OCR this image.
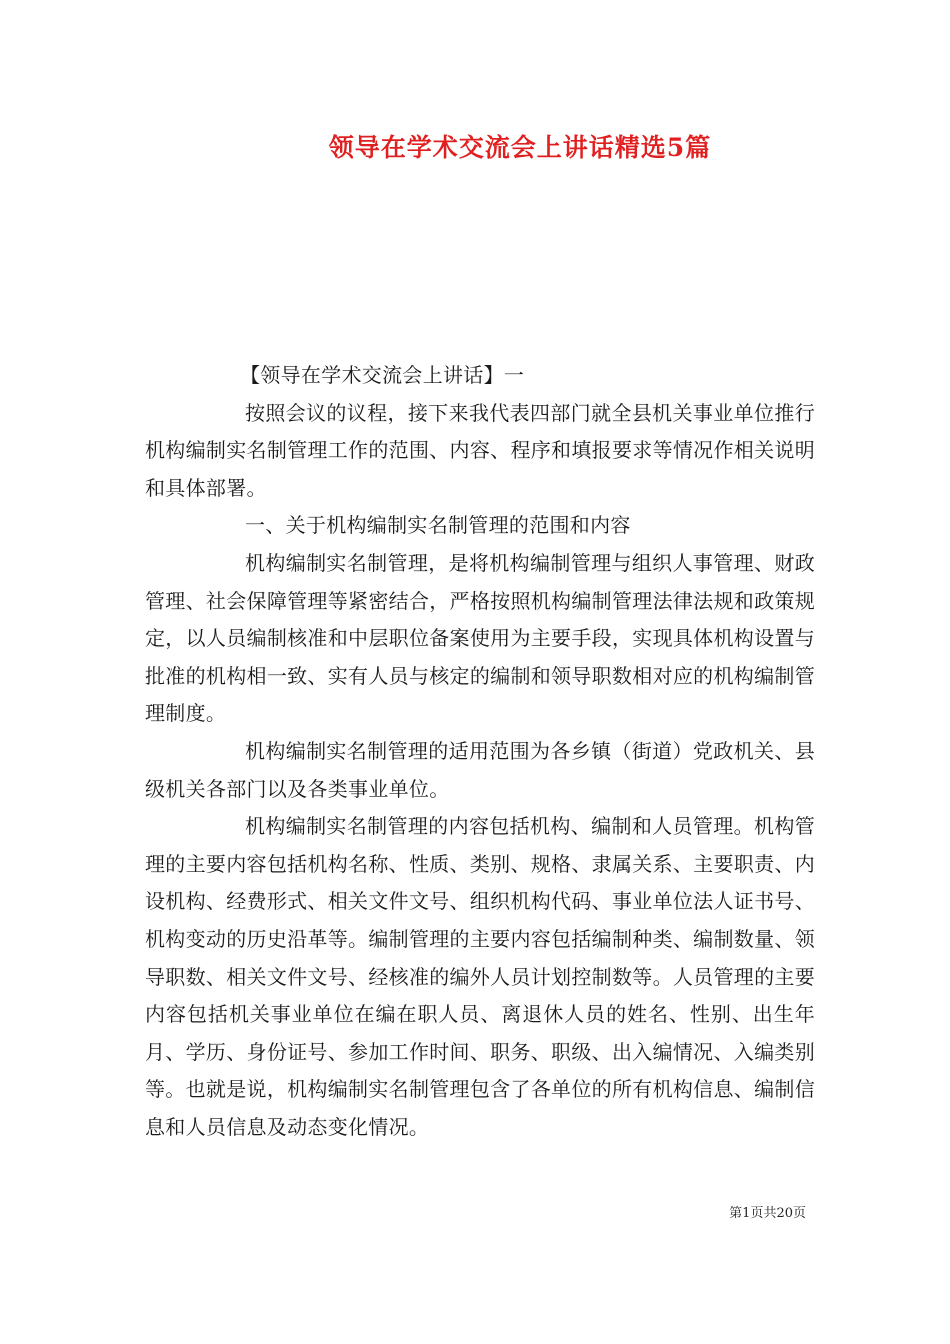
领导在学术交流会上讲话精选5篇

【领导在学术交流会上讲话】一

按照会议的议程，接下来我代表四部门就全县机关事业单位推行机构编制实名制管理工作的范围、内容、程序和填报要求等情况作相关说明和具体部署。

一、关于机构编制实名制管理的范围和内容

机构编制实名制管理，是将机构编制管理与组织人事管理、财政管理、社会保障管理等紧密结合，严格按照机构编制管理法律法规和政策规定，以人员编制核准和中层职位备案使用为主要手段，实现具体机构设置与批准的机构相一致、实有人员与核定的编制和领导职数相对应的机构编制管理制度。

机构编制实名制管理的适用范围为各乡镇（街道）党政机关、县级机关各部门以及各类事业单位。

机构编制实名制管理的内容包括机构、编制和人员管理。机构管理的主要内容包括机构名称、性质、类别、规格、隶属关系、主要职责、内设机构、经费形式、相关文件文号、组织机构代码、事业单位法人证书号、机构变动的历史沿革等。编制管理的主要内容包括编制种类、编制数量、领导职数、相关文件文号、经核准的编外人员计划控制数等。人员管理的主要内容包括机关事业单位在编在职人员、离退休人员的姓名、性别、出生年月、学历、身份证号、参加工作时间、职务、职级、出入编情况、入编类别等。也就是说，机构编制实名制管理包含了各单位的所有机构信息、编制信息和人员信息及动态变化情况。

第1页共20页
